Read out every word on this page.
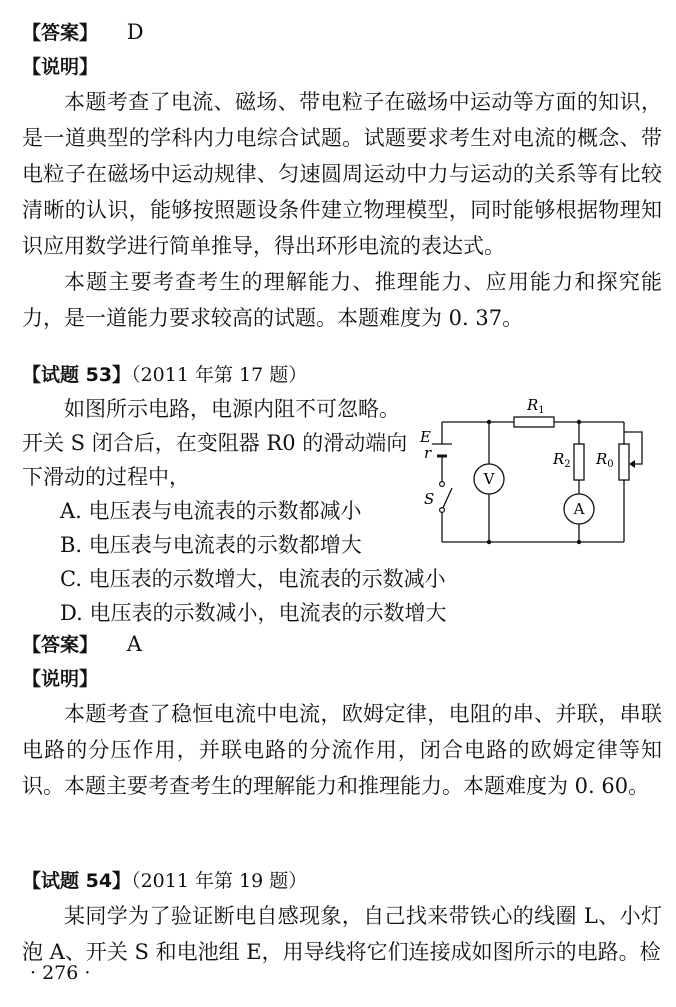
【答案】 D
【说明】
本题考查了电流、磁场、带电粒子在磁场中运动等方面的知识，是一道典型的学科内力电综合试题。试题要求考生对电流的概念、带电粒子在磁场中运动规律、匀速圆周运动中力与运动的关系等有比较清晰的认识，能够按照题设条件建立物理模型，同时能够根据物理知识应用数学进行简单推导，得出环形电流的表达式。
本题主要考查考生的理解能力、推理能力、应用能力和探究能力，是一道能力要求较高的试题。本题难度为 0. 37。
【试题 53】（2011 年第 17 题）
如图所示电路，电源内阻不可忽略。
开关 S 闭合后，在变阻器 R0 的滑动端向
下滑动的过程中，
A. 电压表与电流表的示数都减小
B. 电压表与电流表的示数都增大
C. 电压表的示数增大，电流表的示数减小
D. 电压表的示数减小，电流表的示数增大
V
A
$R_1$
$R_2$ $R_0$
E
r
S
【答案】 A
【说明】
本题考查了稳恒电流中电流，欧姆定律，电阻的串、并联，串联电路的分压作用，并联电路的分流作用，闭合电路的欧姆定律等知识。本题主要考查考生的理解能力和推理能力。本题难度为 0. 60。
【试题 54】（2011 年第 19 题）
某同学为了验证断电自感现象，自己找来带铁心的线圈 L、小灯泡 A、开关 S 和电池组 E，用导线将它们连接成如图所示的电路。检
· 276 ·
